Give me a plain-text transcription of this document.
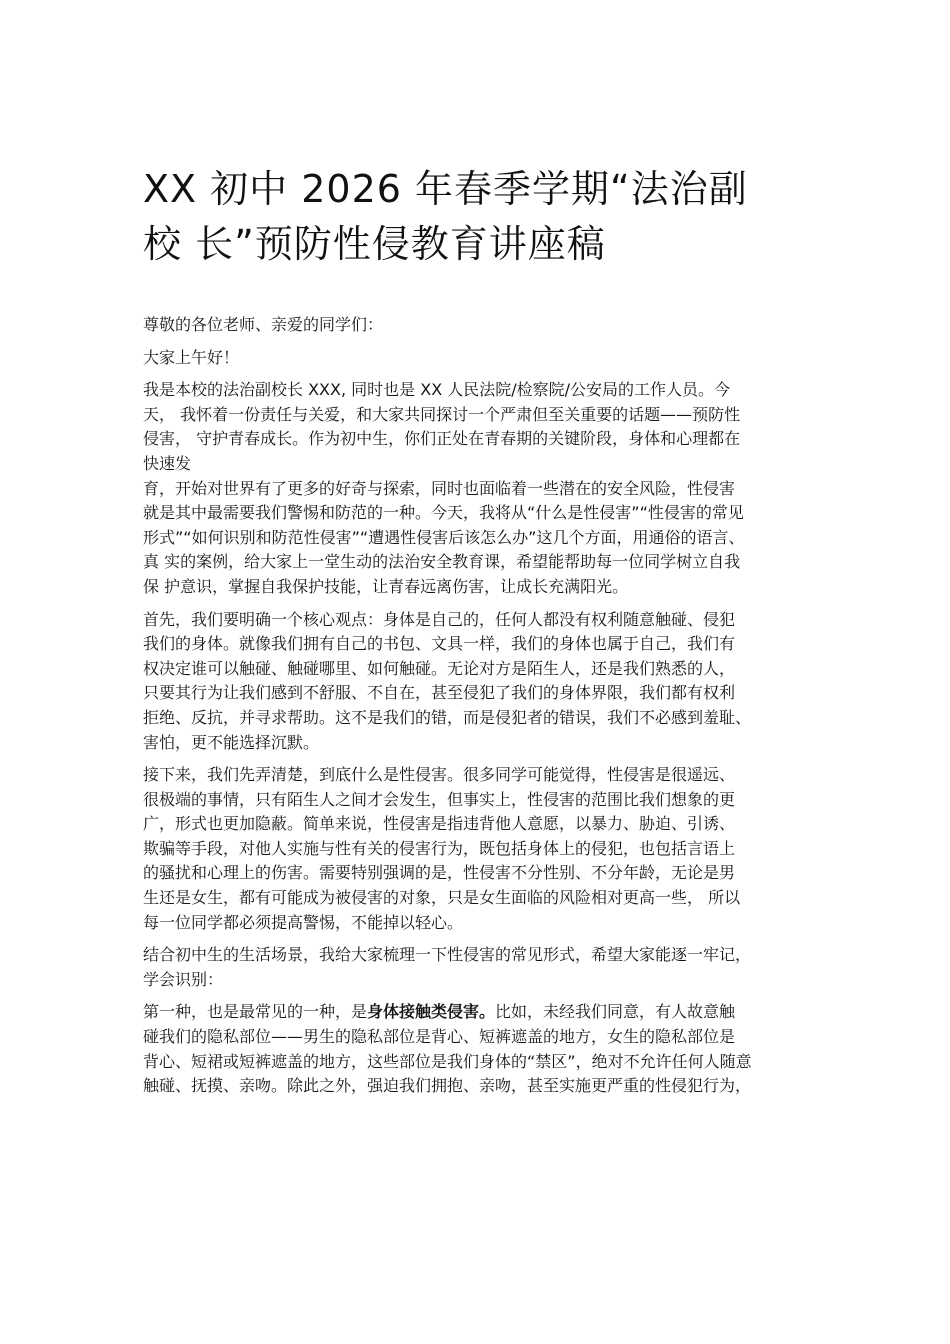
XX 初中 2026 年春季学期“法治副
校 长”预防性侵教育讲座稿
尊敬的各位老师、亲爱的同学们：
大家上午好！
我是本校的法治副校长 XXX, 同时也是 XX 人民法院/检察院/公安局的工作人员。今
天， 我怀着一份责任与关爱，和大家共同探讨一个严肃但至关重要的话题——预防性
侵害， 守护青春成长。作为初中生，你们正处在青春期的关键阶段，身体和心理都在
快速发
育，开始对世界有了更多的好奇与探索，同时也面临着一些潜在的安全风险，性侵害
就是其中最需要我们警惕和防范的一种。今天，我将从“什么是性侵害”“性侵害的常见
形式”“如何识别和防范性侵害”“遭遇性侵害后该怎么办”这几个方面，用通俗的语言、
真 实的案例，给大家上一堂生动的法治安全教育课，希望能帮助每一位同学树立自我
保 护意识，掌握自我保护技能，让青春远离伤害，让成长充满阳光。
首先，我们要明确一个核心观点：身体是自己的，任何人都没有权利随意触碰、侵犯
我们的身体。就像我们拥有自己的书包、文具一样，我们的身体也属于自己，我们有
权决定谁可以触碰、触碰哪里、如何触碰。无论对方是陌生人，还是我们熟悉的人，
只要其行为让我们感到不舒服、不自在，甚至侵犯了我们的身体界限，我们都有权利
拒绝、反抗，并寻求帮助。这不是我们的错，而是侵犯者的错误，我们不必感到羞耻、
害怕，更不能选择沉默。
接下来，我们先弄清楚，到底什么是性侵害。很多同学可能觉得，性侵害是很遥远、
很极端的事情，只有陌生人之间才会发生，但事实上，性侵害的范围比我们想象的更
广，形式也更加隐蔽。简单来说，性侵害是指违背他人意愿，以暴力、胁迫、引诱、
欺骗等手段，对他人实施与性有关的侵害行为，既包括身体上的侵犯，也包括言语上
的骚扰和心理上的伤害。需要特别强调的是，性侵害不分性别、不分年龄，无论是男
生还是女生，都有可能成为被侵害的对象，只是女生面临的风险相对更高一些， 所以
每一位同学都必须提高警惕，不能掉以轻心。
结合初中生的生活场景，我给大家梳理一下性侵害的常见形式，希望大家能逐一牢记，
学会识别：
第一种，也是最常见的一种，是身体接触类侵害。比如，未经我们同意，有人故意触
碰我们的隐私部位——男生的隐私部位是背心、短裤遮盖的地方，女生的隐私部位是
背心、短裙或短裤遮盖的地方，这些部位是我们身体的“禁区”，绝对不允许任何人随意
触碰、抚摸、亲吻。除此之外，强迫我们拥抱、亲吻，甚至实施更严重的性侵犯行为，
